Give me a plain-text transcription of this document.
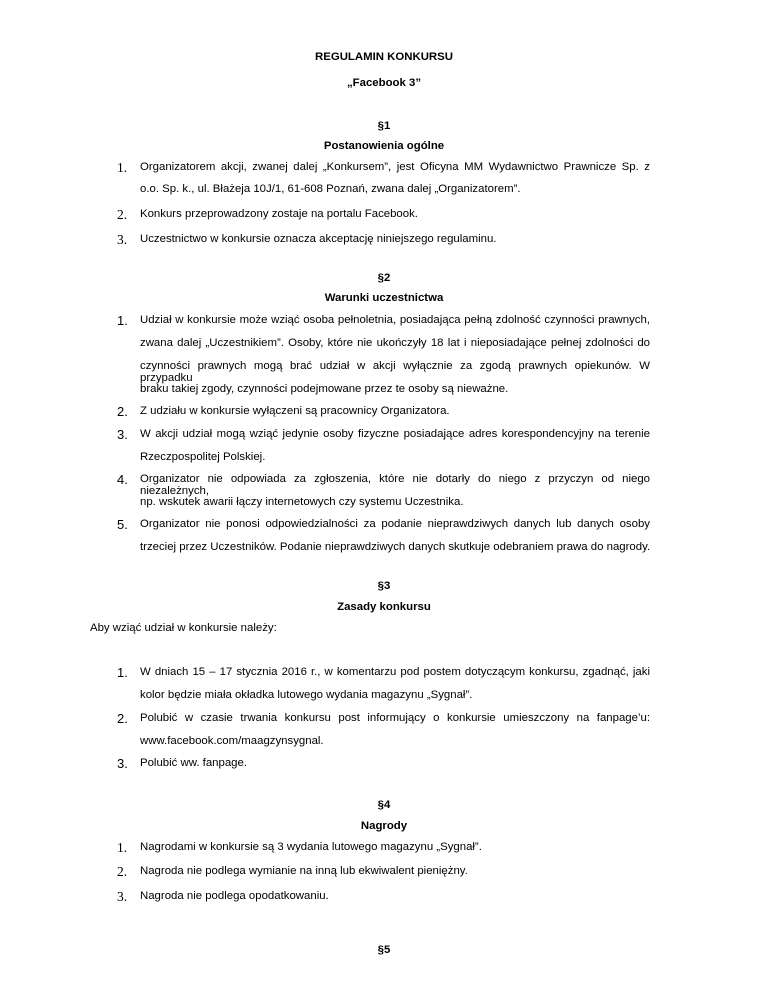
REGULAMIN KONKURSU
„Facebook 3”
§1
Postanowienia ogólne
1. Organizatorem akcji, zwanej dalej „Konkursem”, jest Oficyna MM Wydawnictwo Prawnicze Sp. z
o.o. Sp. k., ul. Błażeja 10J/1, 61-608 Poznań, zwana dalej „Organizatorem”.
2. Konkurs przeprowadzony zostaje na portalu Facebook.
3. Uczestnictwo w konkursie oznacza akceptację niniejszego regulaminu.
§2
Warunki uczestnictwa
1. Udział w konkursie może wziąć osoba pełnoletnia, posiadająca pełną zdolność czynności prawnych,
zwana dalej „Uczestnikiem”. Osoby, które nie ukończyły 18 lat i nieposiadające pełnej zdolności do
czynności prawnych mogą brać udział w akcji wyłącznie za zgodą prawnych opiekunów. W przypadku
braku takiej zgody, czynności podejmowane przez te osoby są nieważne.
2. Z udziału w konkursie wyłączeni są pracownicy Organizatora.
3. W akcji udział mogą wziąć jedynie osoby fizyczne posiadające adres korespondencyjny na terenie
Rzeczpospolitej Polskiej.
4. Organizator nie odpowiada za zgłoszenia, które nie dotarły do niego z przyczyn od niego niezależnych,
np. wskutek awarii łączy internetowych czy systemu Uczestnika.
5. Organizator nie ponosi odpowiedzialności za podanie nieprawdziwych danych lub danych osoby
trzeciej przez Uczestników. Podanie nieprawdziwych danych skutkuje odebraniem prawa do nagrody.
§3
Zasady konkursu
Aby wziąć udział w konkursie należy:
1. W dniach 15 – 17 stycznia 2016 r., w komentarzu pod postem dotyczącym konkursu, zgadnąć, jaki
kolor będzie miała okładka lutowego wydania magazynu „Sygnał”.
2. Polubić w czasie trwania konkursu post informujący o konkursie umieszczony na fanpage’u:
www.facebook.com/maagzynsygnal.
3. Polubić ww. fanpage.
§4
Nagrody
1. Nagrodami w konkursie są 3 wydania lutowego magazynu „Sygnał”.
2. Nagroda nie podlega wymianie na inną lub ekwiwalent pieniężny.
3. Nagroda nie podlega opodatkowaniu.
§5
